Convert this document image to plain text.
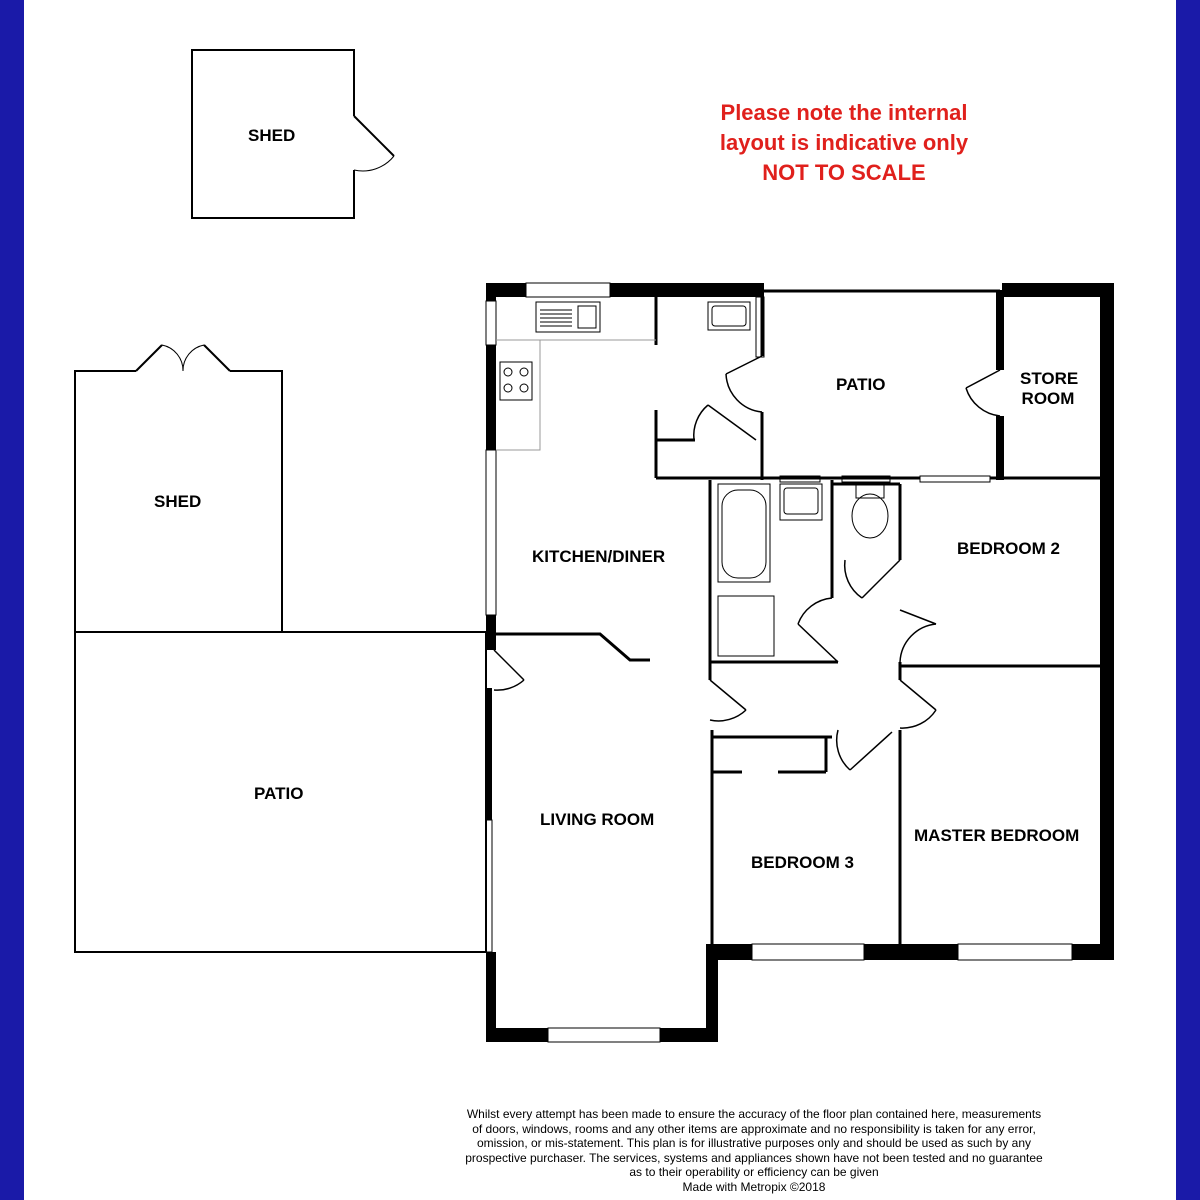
SHED
SHED
PATIO
PATIO	STORE
ROOM
KITCHEN/DINER
LIVING ROOM
BEDROOM 2
BEDROOM 3
MASTER BEDROOM
Please note the internal
layout is indicative only
NOT TO SCALE
Whilst every attempt has been made to ensure the accuracy of the floor plan contained here, measurements
of doors, windows, rooms and any other items are approximate and no responsibility is taken for any error,
omission, or mis-statement. This plan is for illustrative purposes only and should be used as such by any
prospective purchaser. The services, systems and appliances shown have not been tested and no guarantee
as to their operability or efficiency can be given
Made with Metropix ©2018
